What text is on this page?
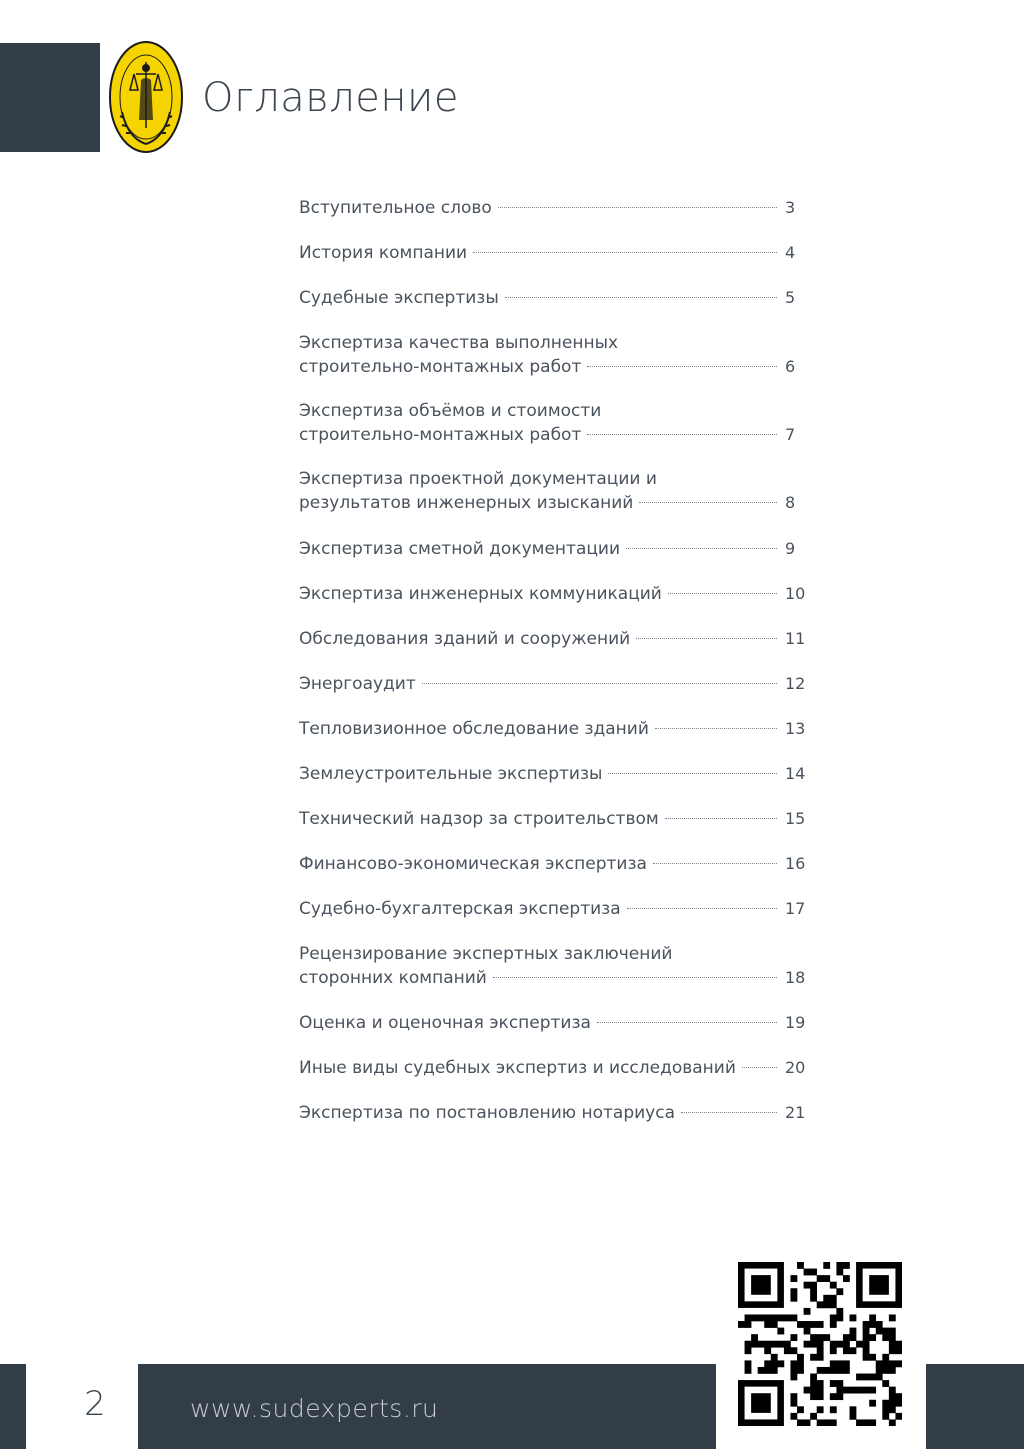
Оглавление
Вступительное слово	3
История компании	4
Судебные экспертизы	5
Экспертиза качества выполненных
строительно-монтажных работ	6
Экспертиза объёмов и стоимости
строительно-монтажных работ	7
Экспертиза проектной документации и
результатов инженерных изысканий	8
Экспертиза сметной документации	9
Экспертиза инженерных коммуникаций	10
Обследования зданий и сооружений	11
Энергоаудит	12
Тепловизионное обследование зданий	13
Землеустроительные экспертизы	14
Технический надзор за строительством	15
Финансово-экономическая экспертиза	16
Судебно-бухгалтерская экспертиза	17
Рецензирование экспертных заключений
сторонних компаний	18
Оценка и оценочная экспертиза	19
Иные виды судебных экспертиз и исследований	20
Экспертиза по постановлению нотариуса	21
2	www.sudexperts.ru
